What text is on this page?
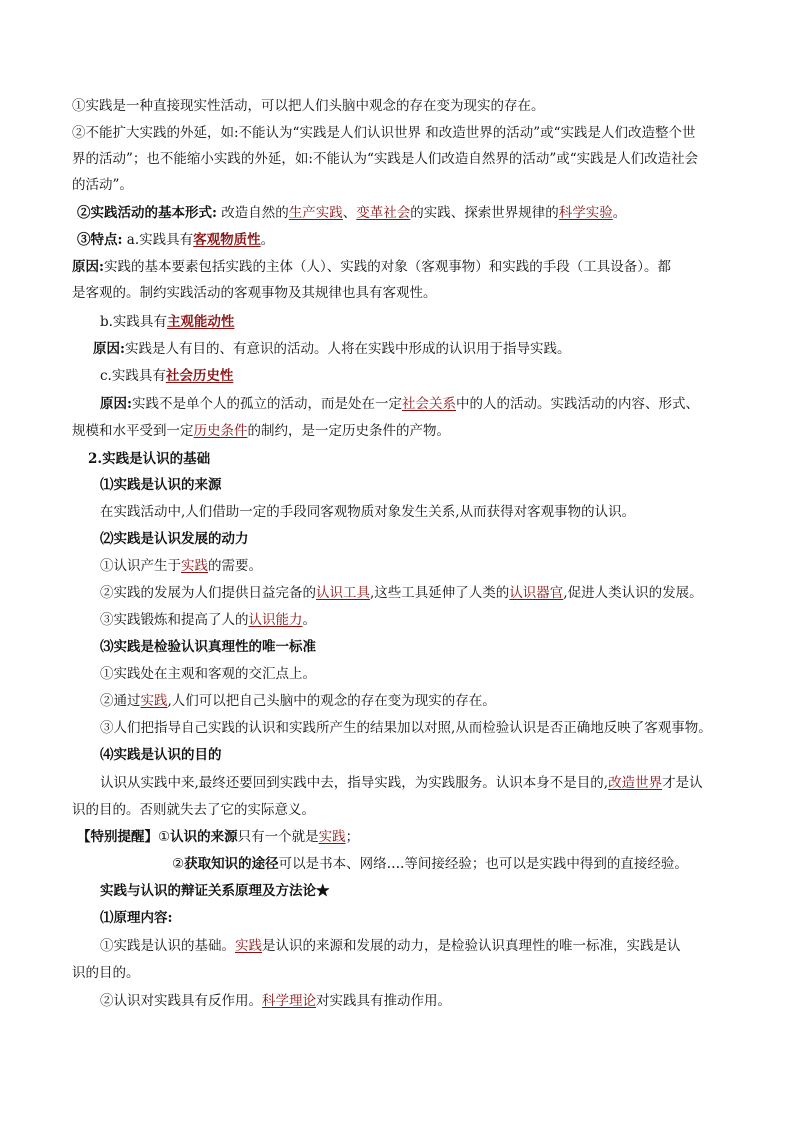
①实践是一种直接现实性活动，可以把人们头脑中观念的存在变为现实的存在。
②不能扩大实践的外延，如:不能认为“实践是人们认识世界 和改造世界的活动”或“实践是人们改造整个世
界的活动”；也不能缩小实践的外延，如:不能认为“实践是人们改造自然界的活动”或“实践是人们改造社会
的活动”。
②实践活动的基本形式: 改造自然的生产实践、变革社会的实践、探索世界规律的科学实验。
③特点: a.实践具有客观物质性。
原因:实践的基本要素包括实践的主体（人）、实践的对象（客观事物）和实践的手段（工具设备）。都
是客观的。制约实践活动的客观事物及其规律也具有客观性。
b.实践具有主观能动性
原因:实践是人有目的、有意识的活动。人将在实践中形成的认识用于指导实践。
c.实践具有社会历史性
原因:实践不是单个人的孤立的活动，而是处在一定社会关系中的人的活动。实践活动的内容、形式、
规模和水平受到一定历史条件的制约，是一定历史条件的产物。
2.实践是认识的基础
⑴实践是认识的来源
在实践活动中,人们借助一定的手段同客观物质对象发生关系,从而获得对客观事物的认识。
⑵实践是认识发展的动力
①认识产生于实践的需要。
②实践的发展为人们提供日益完备的认识工具,这些工具延伸了人类的认识器官,促进人类认识的发展。
③实践锻炼和提高了人的认识能力。
⑶实践是检验认识真理性的唯一标准
①实践处在主观和客观的交汇点上。
②通过实践,人们可以把自己头脑中的观念的存在变为现实的存在。
③人们把指导自己实践的认识和实践所产生的结果加以对照,从而检验认识是否正确地反映了客观事物。
⑷实践是认识的目的
认识从实践中来,最终还要回到实践中去，指导实践，为实践服务。认识本身不是目的,改造世界才是认
识的目的。否则就失去了它的实际意义。
【特别提醒】①认识的来源只有一个就是实践；
②获取知识的途径可以是书本、网络….等间接经验；也可以是实践中得到的直接经验。
实践与认识的辩证关系原理及方法论★
⑴原理内容:
①实践是认识的基础。实践是认识的来源和发展的动力，是检验认识真理性的唯一标准，实践是认
识的目的。
②认识对实践具有反作用。科学理论对实践具有推动作用。
